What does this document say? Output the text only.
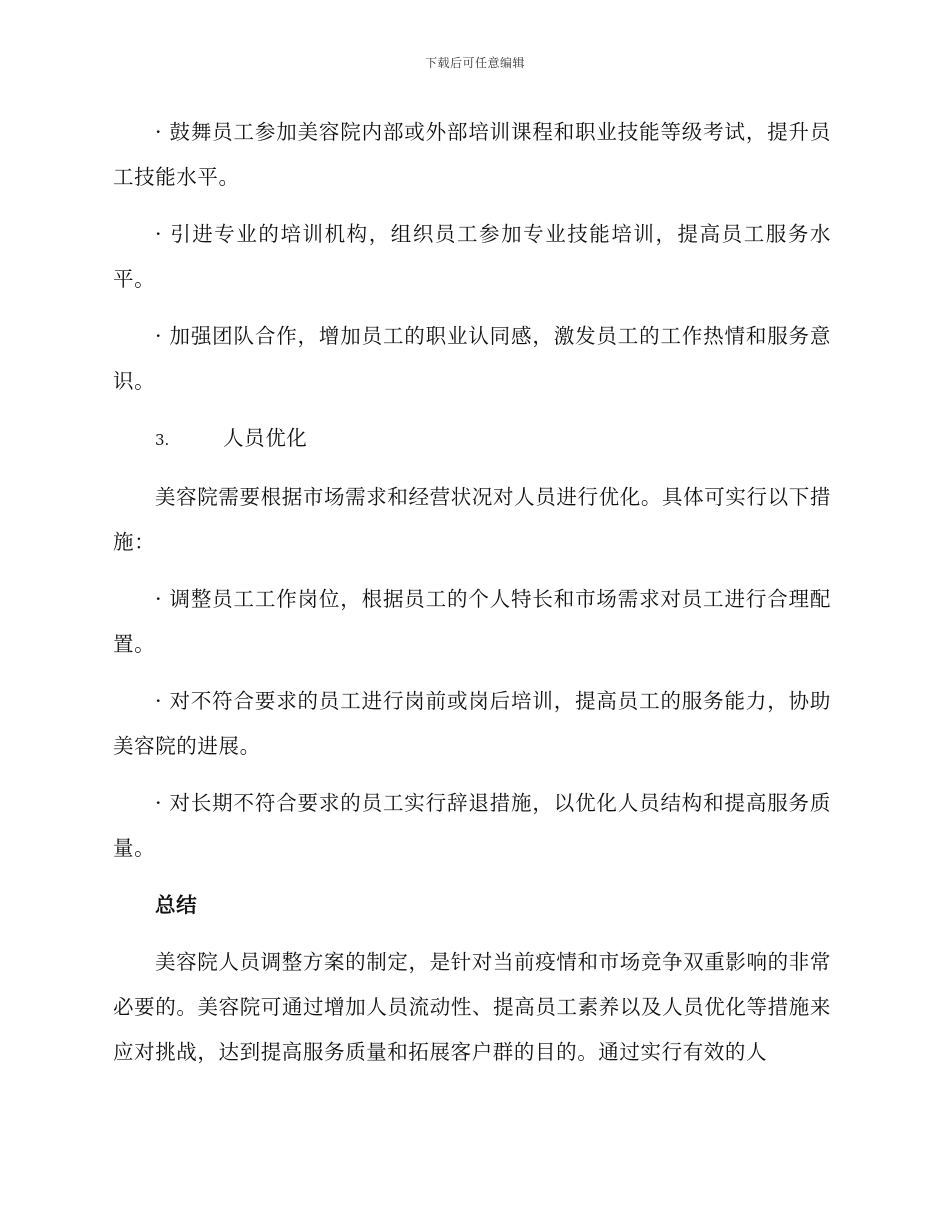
下载后可任意编辑

· 鼓舞员工参加美容院内部或外部培训课程和职业技能等级考试，提升员工技能水平。

· 引进专业的培训机构，组织员工参加专业技能培训，提高员工服务水平。

· 加强团队合作，增加员工的职业认同感，激发员工的工作热情和服务意识。

3.	人员优化

美容院需要根据市场需求和经营状况对人员进行优化。具体可实行以下措施：

· 调整员工工作岗位，根据员工的个人特长和市场需求对员工进行合理配置。

· 对不符合要求的员工进行岗前或岗后培训，提高员工的服务能力，协助美容院的进展。

· 对长期不符合要求的员工实行辞退措施，以优化人员结构和提高服务质量。

总结

美容院人员调整方案的制定，是针对当前疫情和市场竞争双重影响的非常必要的。美容院可通过增加人员流动性、提高员工素养以及人员优化等措施来应对挑战，达到提高服务质量和拓展客户群的目的。通过实行有效的人
